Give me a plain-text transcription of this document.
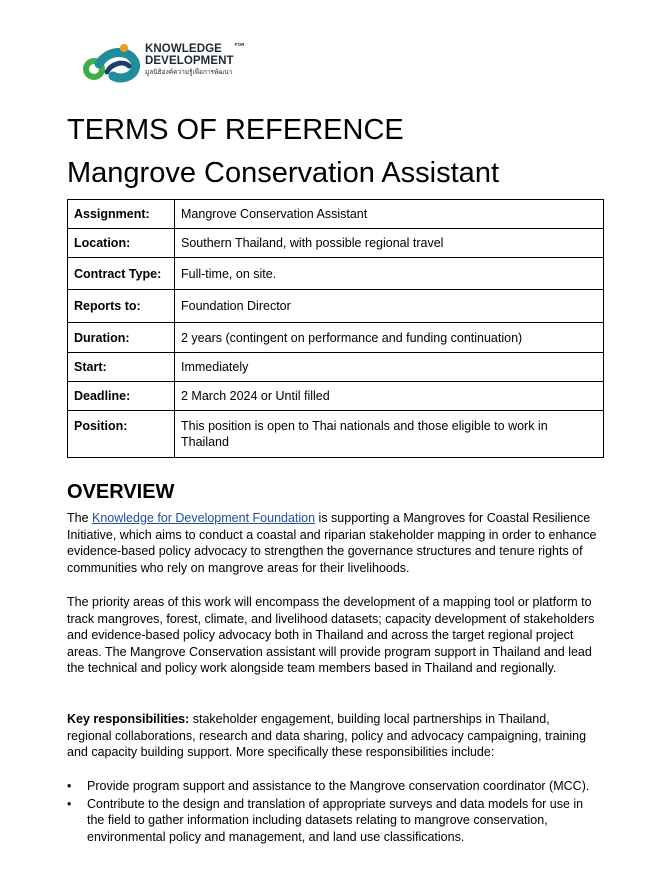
KNOWLEDGE	FOR
DEVELOPMENT
มูลนิธิองค์ความรู้เพื่อการพัฒนา
TERMS OF REFERENCE
Mangrove Conservation Assistant
Assignment:	Mangrove Conservation Assistant
Location:	Southern Thailand, with possible regional travel
Contract Type:	Full-time, on site.
Reports to:	Foundation Director
Duration:	2 years (contingent on performance and funding continuation)
Start:	Immediately
Deadline:	2 March 2024 or Until filled
Position:	This position is open to Thai nationals and those eligible to work in Thailand
OVERVIEW

The Knowledge for Development Foundation is supporting a Mangroves for Coastal Resilience Initiative, which aims to conduct a coastal and riparian stakeholder mapping in order to enhance evidence-based policy advocacy to strengthen the governance structures and tenure rights of communities who rely on mangrove areas for their livelihoods.

The priority areas of this work will encompass the development of a mapping tool or platform to track mangroves, forest, climate, and livelihood datasets; capacity development of stakeholders and evidence-based policy advocacy both in Thailand and across the target regional project areas. The Mangrove Conservation assistant will provide program support in Thailand and lead the technical and policy work alongside team members based in Thailand and regionally.

Key responsibilities: stakeholder engagement, building local partnerships in Thailand, regional collaborations, research and data sharing, policy and advocacy campaigning, training and capacity building support. More specifically these responsibilities include:

• Provide program support and assistance to the Mangrove conservation coordinator (MCC).
• Contribute to the design and translation of appropriate surveys and data models for use in the field to gather information including datasets relating to mangrove conservation, environmental policy and management, and land use classifications.
